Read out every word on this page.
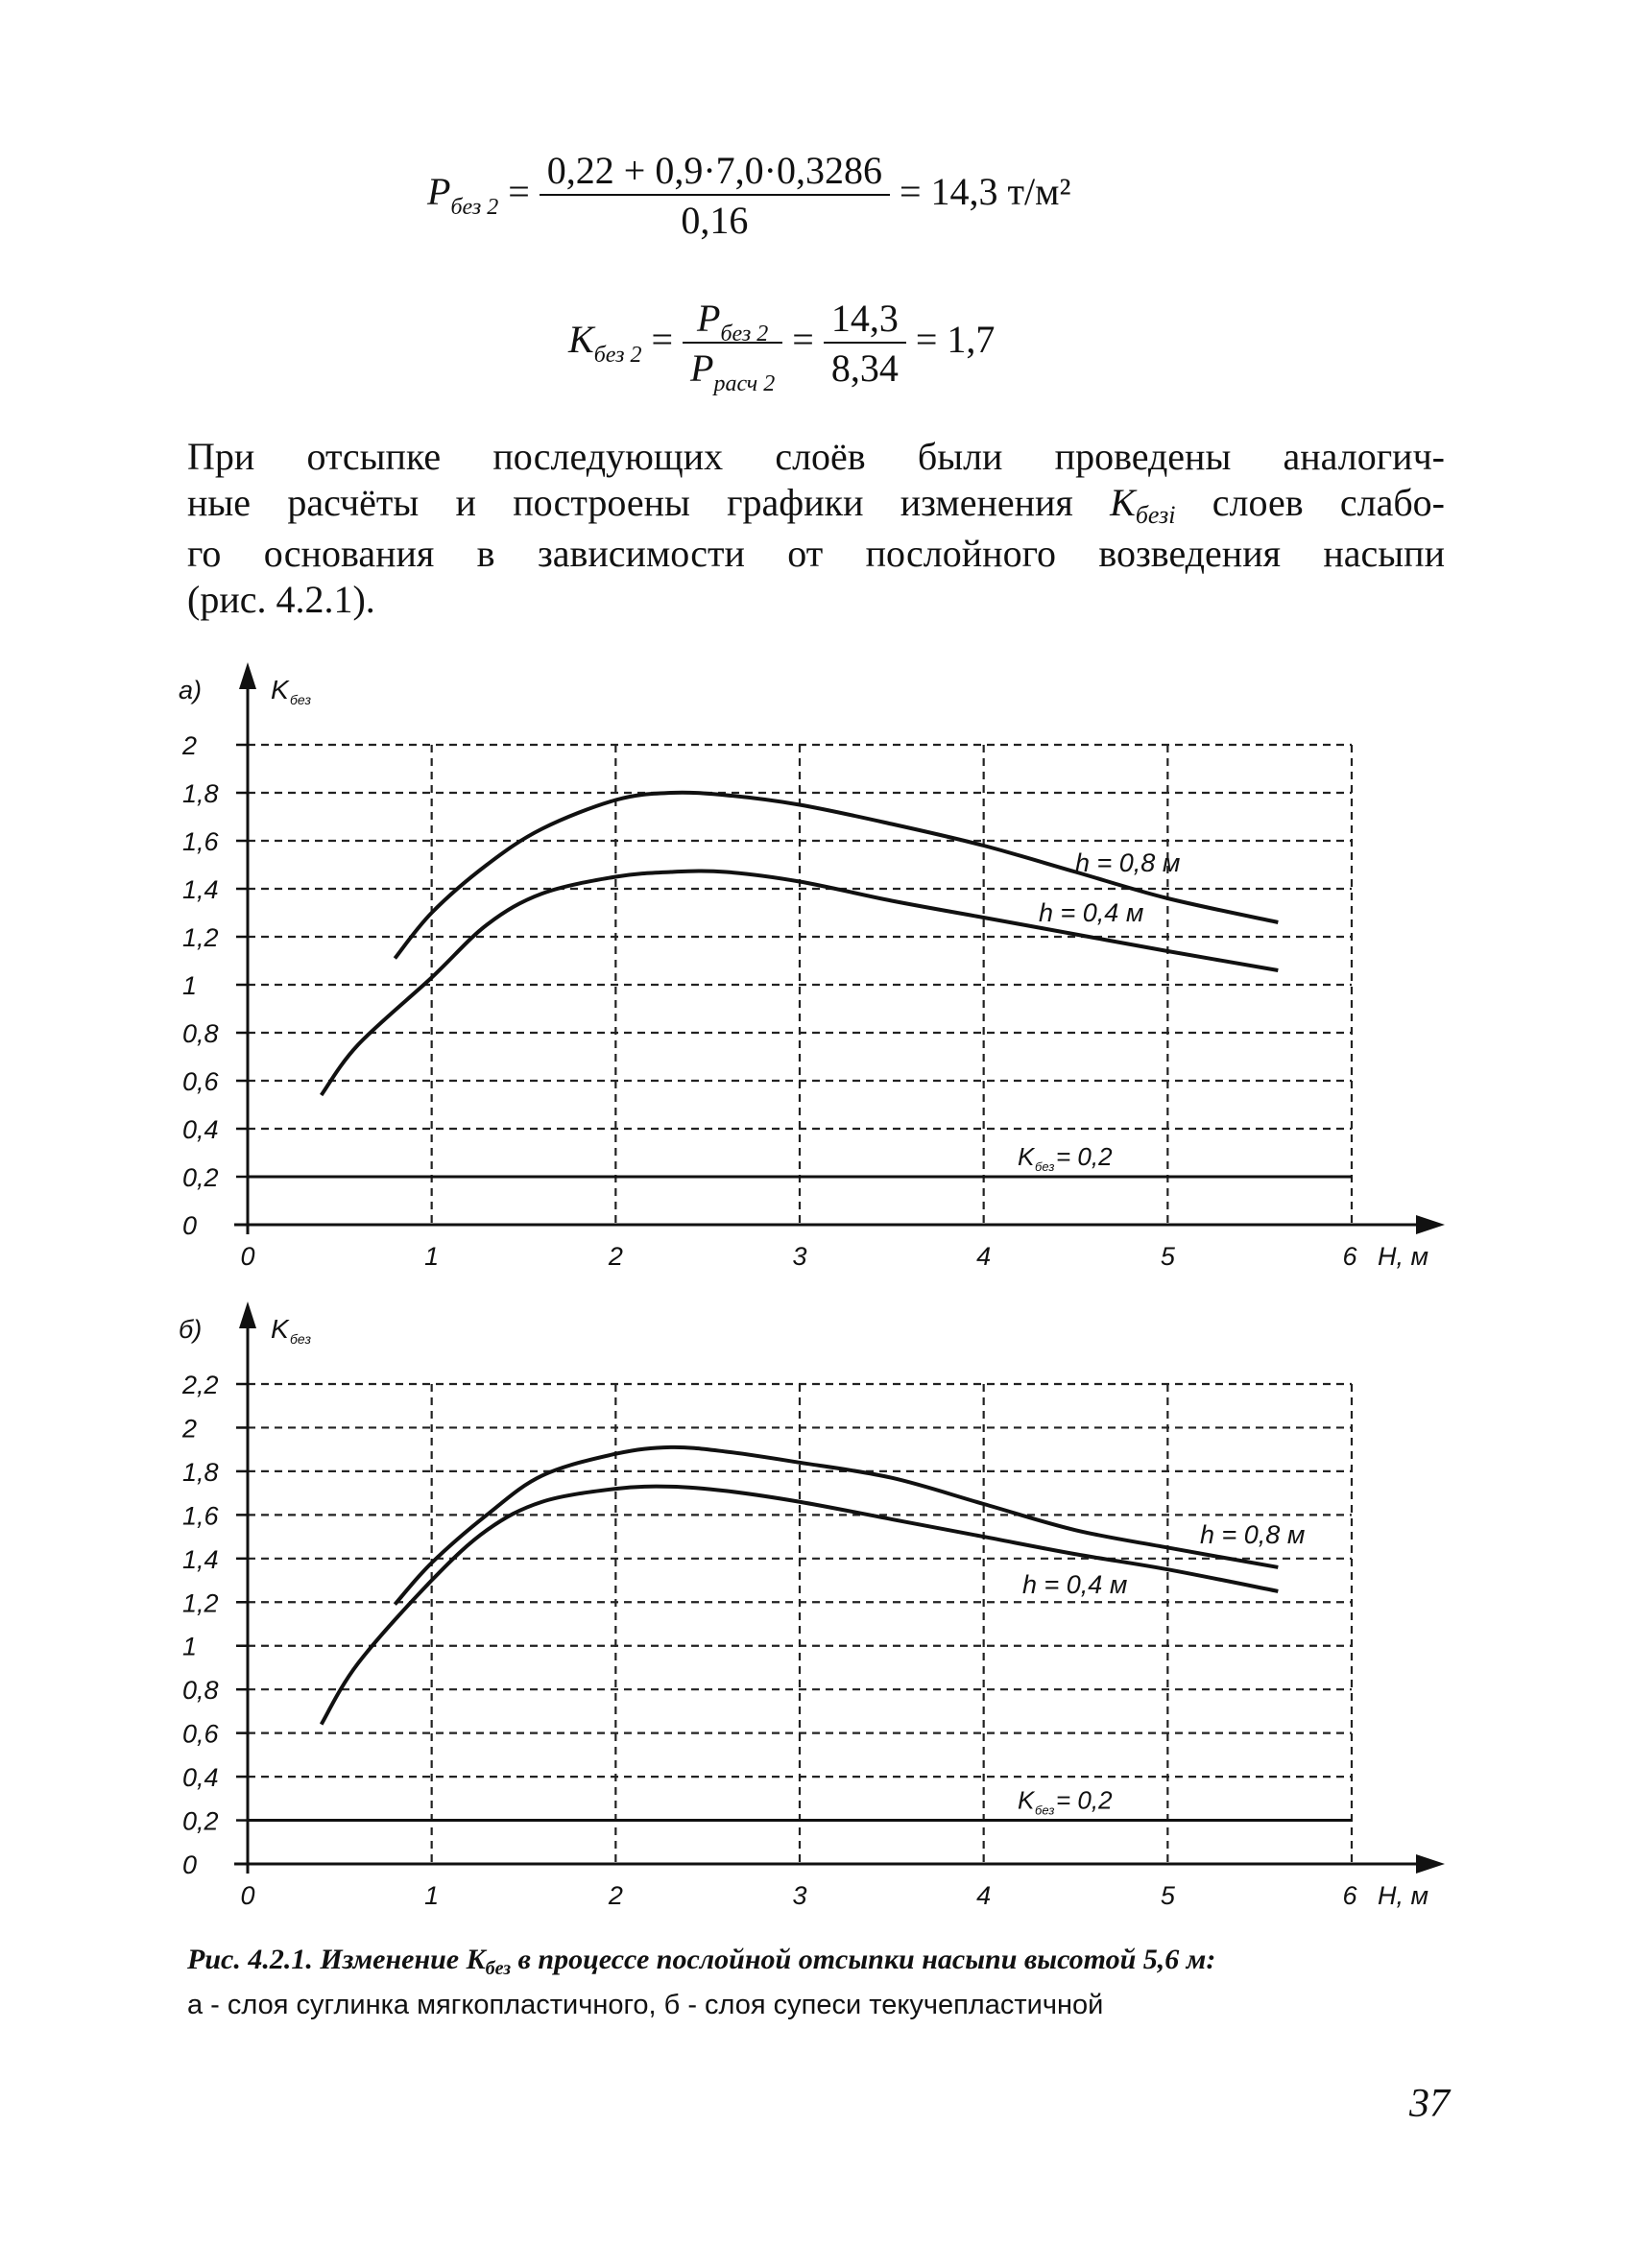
$P_{без 2} = \frac{0,22 + 0,9\cdot 7,0\cdot 0,3286}{0,16} = 14,3$ т/м²
$K_{без 2} = \frac{P_{без 2}}{P_{расч 2}} = \frac{14,3}{8,34} = 1,7$
При отсыпке последующих слоёв были проведены аналогич-
ные расчёты и построены графики изменения $K_{безi}$ слоев слабо-
го основания в зависимости от послойного возведения насыпи
(рис. 4.2.1).
0
0,2
0,4
0,6
0,8
1
1,2
1,4
1,6
1,8
2
0	1	2	3	4	5	6 H, м
а)	K без
K без = 0,2
h = 0,8 м
h = 0,4 м
0
0,2
0,4
0,6
0,8
1
1,2
1,4
1,6
1,8
2
2,2
0	1	2	3	4	5	6 H, м
б)	K без
K без = 0,2
h = 0,8 м
h = 0,4 м
Рис. 4.2.1. Изменение $K_{без}$ в процессе послойной отсыпки насыпи высотой 5,6 м:
а - слоя суглинка мягкопластичного, б - слоя супеси текучепластичной
37
